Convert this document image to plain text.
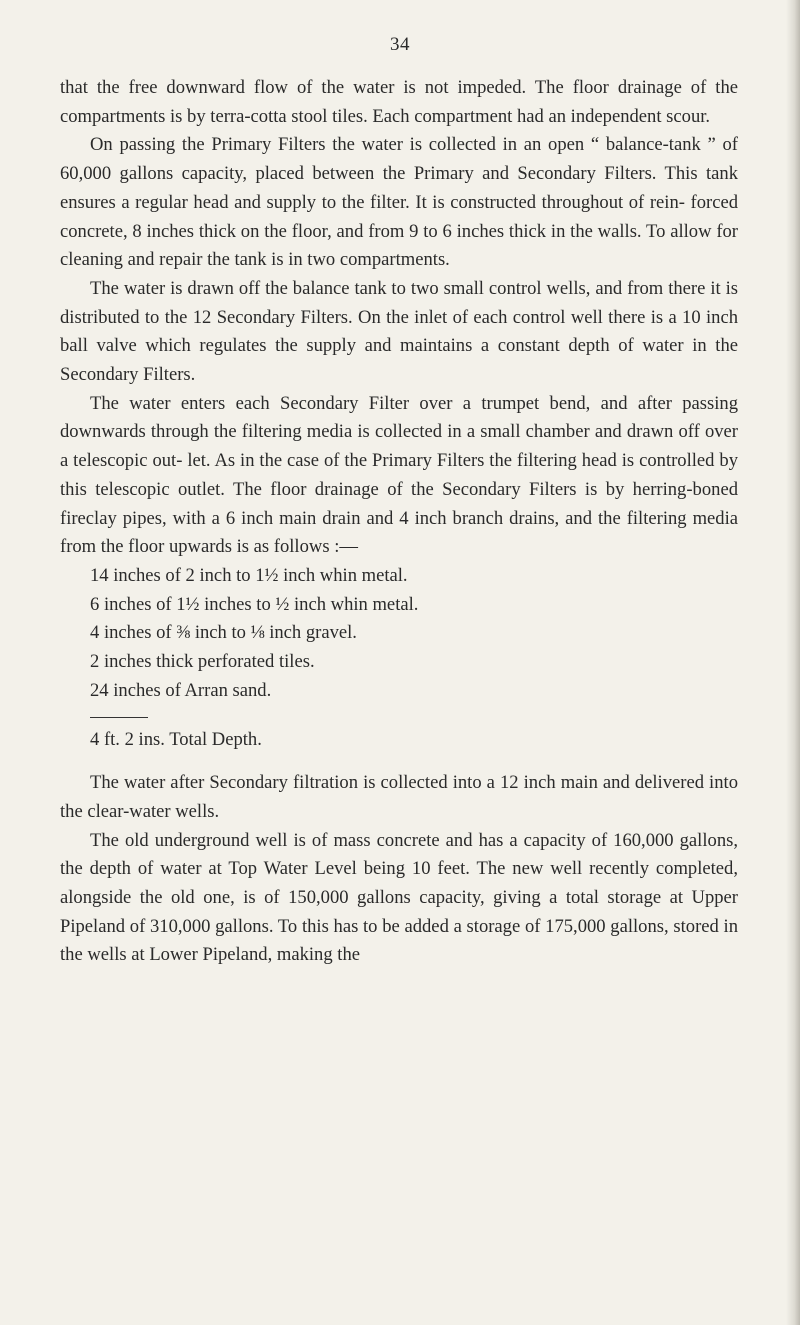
34

that the free downward flow of the water is not impeded. The floor drainage of the compartments is by terra-cotta stool tiles. Each compartment had an independent scour.

On passing the Primary Filters the water is collected in an open “ balance-tank ” of 60,000 gallons capacity, placed between the Primary and Secondary Filters. This tank ensures a regular head and supply to the filter. It is constructed throughout of rein- forced concrete, 8 inches thick on the floor, and from 9 to 6 inches thick in the walls. To allow for cleaning and repair the tank is in two compartments.

The water is drawn off the balance tank to two small control wells, and from there it is distributed to the 12 Secondary Filters. On the inlet of each control well there is a 10 inch ball valve which regulates the supply and maintains a constant depth of water in the Secondary Filters.

The water enters each Secondary Filter over a trumpet bend, and after passing downwards through the filtering media is collected in a small chamber and drawn off over a telescopic out- let. As in the case of the Primary Filters the filtering head is controlled by this telescopic outlet. The floor drainage of the Secondary Filters is by herring-boned fireclay pipes, with a 6 inch main drain and 4 inch branch drains, and the filtering media from the floor upwards is as follows :—

14 inches of 2 inch to 1½ inch whin metal.
6 inches of 1½ inches to ½ inch whin metal.
4 inches of ⅜ inch to ⅛ inch gravel.
2 inches thick perforated tiles.
24 inches of Arran sand.
4 ft. 2 ins. Total Depth.

The water after Secondary filtration is collected into a 12 inch main and delivered into the clear-water wells.

The old underground well is of mass concrete and has a capacity of 160,000 gallons, the depth of water at Top Water Level being 10 feet. The new well recently completed, alongside the old one, is of 150,000 gallons capacity, giving a total storage at Upper Pipeland of 310,000 gallons. To this has to be added a storage of 175,000 gallons, stored in the wells at Lower Pipeland, making the
